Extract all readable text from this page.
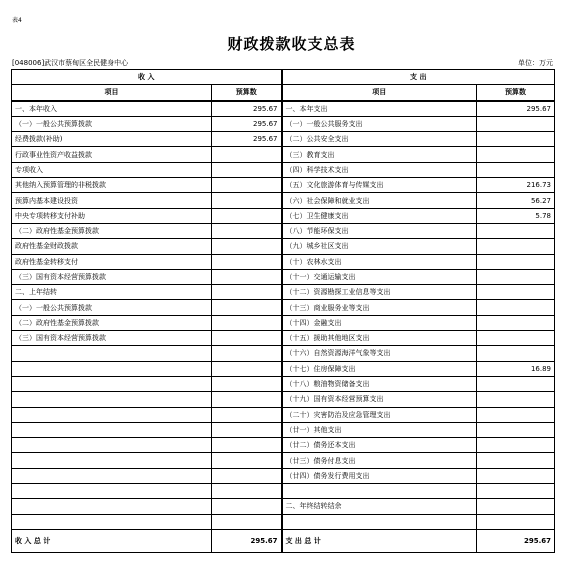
表4
财政拨款收支总表
[048006]武汉市蔡甸区全民健身中心	单位：万元
收 入		支 出	
项目	预算数	项目	预算数
一、本年收入	295.67	一、本年支出	295.67
（一）一般公共预算拨款	295.67	（一）一般公共服务支出	
经费拨款(补助)	295.67	（二）公共安全支出	
行政事业性资产收益拨款		（三）教育支出	
专项收入		（四）科学技术支出	
其他纳入预算管理的非税拨款		（五）文化旅游体育与传媒支出	216.73
预算内基本建设投资		（六）社会保障和就业支出	56.27
中央专项转移支付补助		（七）卫生健康支出	5.78
（二）政府性基金预算拨款		（八）节能环保支出	
政府性基金财政拨款		（九）城乡社区支出	
政府性基金转移支付		（十）农林水支出	
（三）国有资本经营预算拨款		（十一）交通运输支出	
二、上年结转		（十二）资源勘探工业信息等支出	
（一）一般公共预算拨款		（十三）商业服务业等支出	
（二）政府性基金预算拨款		（十四）金融支出	
（三）国有资本经营预算拨款		（十五）援助其他地区支出	
		（十六）自然资源海洋气象等支出	
		（十七）住房保障支出	16.89
		（十八）粮油物资储备支出	
		（十九）国有资本经营预算支出	
		（二十）灾害防治及应急管理支出	
		（廿一）其他支出	
		（廿二）债务还本支出	
		（廿三）债务付息支出	
		（廿四）债务发行费用支出	

		二、年终结转结余	

收 入 总 计	295.67	支 出 总 计	295.67
